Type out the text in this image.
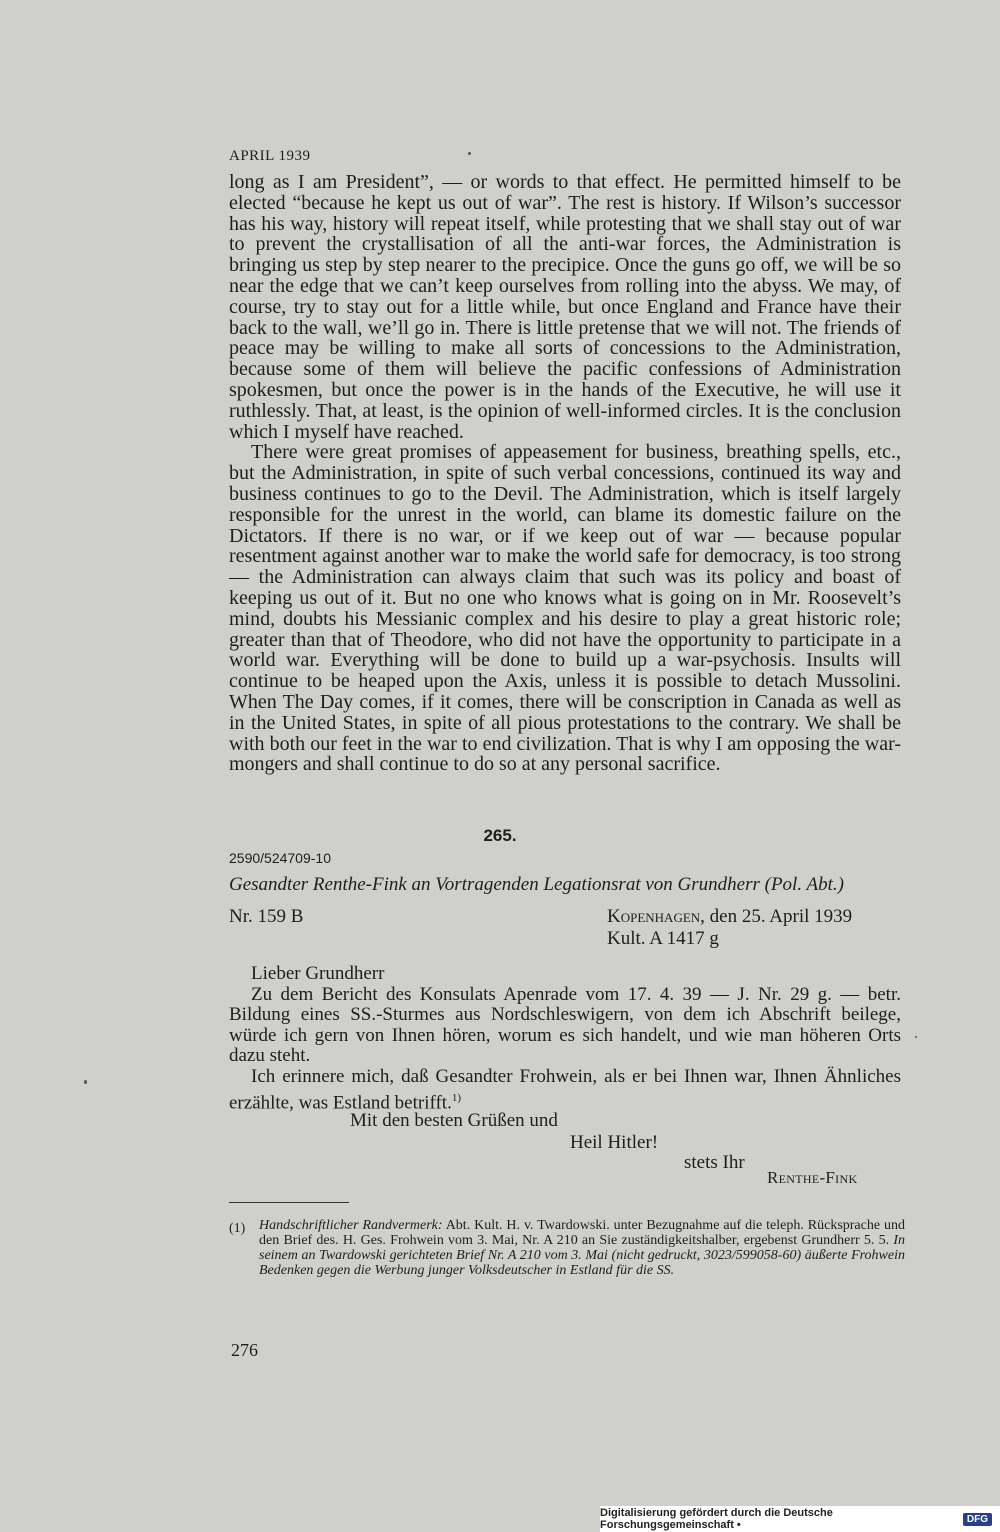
APRIL 1939

long as I am President”, — or words to that effect. He permitted himself to be elected “because he kept us out of war”. The rest is history. If Wilson’s successor has his way, history will repeat itself, while protesting that we shall stay out of war to prevent the crystallisation of all the anti-war forces, the Administration is bringing us step by step nearer to the precipice. Once the guns go off, we will be so near the edge that we can’t keep ourselves from rolling into the abyss. We may, of course, try to stay out for a little while, but once England and France have their back to the wall, we’ll go in. There is little pretense that we will not. The friends of peace may be willing to make all sorts of concessions to the Administration, because some of them will believe the pacific confessions of Administration spokesmen, but once the power is in the hands of the Executive, he will use it ruthlessly. That, at least, is the opinion of well-informed circles. It is the conclusion which I myself have reached.

There were great promises of appeasement for business, breathing spells, etc., but the Administration, in spite of such verbal concessions, continued its way and business continues to go to the Devil. The Administration, which is itself largely responsible for the unrest in the world, can blame its domestic failure on the Dictators. If there is no war, or if we keep out of war — because popular resentment against another war to make the world safe for democracy, is too strong — the Administration can always claim that such was its policy and boast of keeping us out of it. But no one who knows what is going on in Mr. Roosevelt’s mind, doubts his Messianic complex and his desire to play a great historic role; greater than that of Theodore, who did not have the opportunity to participate in a world war. Everything will be done to build up a war-psychosis. Insults will continue to be heaped upon the Axis, unless it is possible to detach Mussolini. When The Day comes, if it comes, there will be conscription in Canada as well as in the United States, in spite of all pious protestations to the contrary. We shall be with both our feet in the war to end civilization. That is why I am opposing the war-mongers and shall continue to do so at any personal sacrifice.

265.
2590/524709-10
Gesandter Renthe-Fink an Vortragenden Legationsrat von Grundherr (Pol. Abt.)
Nr. 159 B	Kopenhagen, den 25. April 1939
Kult. A 1417 g

Lieber Grundherr

Zu dem Bericht des Konsulats Apenrade vom 17. 4. 39 — J. Nr. 29 g. — betr. Bildung eines SS.-Sturmes aus Nordschleswigern, von dem ich Abschrift beilege, würde ich gern von Ihnen hören, worum es sich handelt, und wie man höheren Orts dazu steht.

Ich erinnere mich, daß Gesandter Frohwein, als er bei Ihnen war, Ihnen Ähnliches erzählte, was Estland betrifft.$^{1)}$

Mit den besten Grüßen und
Heil Hitler!
stets Ihr
Renthe-Fink
(1) Handschriftlicher Randvermerk: Abt. Kult. H. v. Twardowski. unter Bezugnahme auf die teleph. Rücksprache und den Brief des. H. Ges. Frohwein vom 3. Mai, Nr. A 210 an Sie zuständigkeitshalber, ergebenst Grundherr 5. 5. In seinem an Twardowski gerichteten Brief Nr. A 210 vom 3. Mai (nicht gedruckt, 3023/599058-60) äußerte Frohwein Bedenken gegen die Werbung junger Volksdeutscher in Estland für die SS.
276
Digitalisierung gefördert durch die Deutsche Forschungsgemeinschaft •	DFG
